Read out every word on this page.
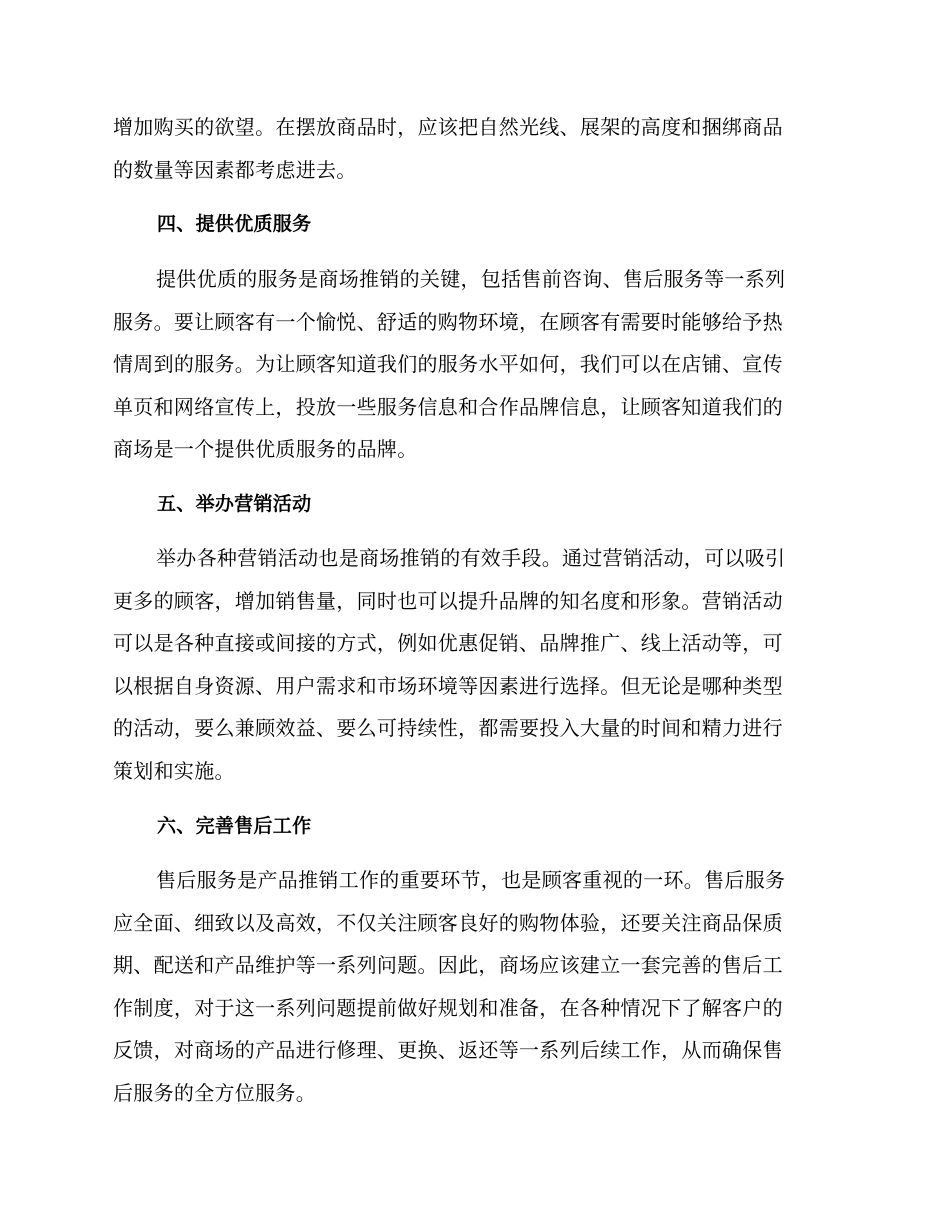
增加购买的欲望。在摆放商品时，应该把自然光线、展架的高度和捆绑商品
的数量等因素都考虑进去。
四、提供优质服务
提供优质的服务是商场推销的关键，包括售前咨询、售后服务等一系列
服务。要让顾客有一个愉悦、舒适的购物环境，在顾客有需要时能够给予热
情周到的服务。为让顾客知道我们的服务水平如何，我们可以在店铺、宣传
单页和网络宣传上，投放一些服务信息和合作品牌信息，让顾客知道我们的
商场是一个提供优质服务的品牌。
五、举办营销活动
举办各种营销活动也是商场推销的有效手段。通过营销活动，可以吸引
更多的顾客，增加销售量，同时也可以提升品牌的知名度和形象。营销活动
可以是各种直接或间接的方式，例如优惠促销、品牌推广、线上活动等，可
以根据自身资源、用户需求和市场环境等因素进行选择。但无论是哪种类型
的活动，要么兼顾效益、要么可持续性，都需要投入大量的时间和精力进行
策划和实施。
六、完善售后工作
售后服务是产品推销工作的重要环节，也是顾客重视的一环。售后服务
应全面、细致以及高效，不仅关注顾客良好的购物体验，还要关注商品保质
期、配送和产品维护等一系列问题。因此，商场应该建立一套完善的售后工
作制度，对于这一系列问题提前做好规划和准备，在各种情况下了解客户的
反馈，对商场的产品进行修理、更换、返还等一系列后续工作，从而确保售
后服务的全方位服务。
